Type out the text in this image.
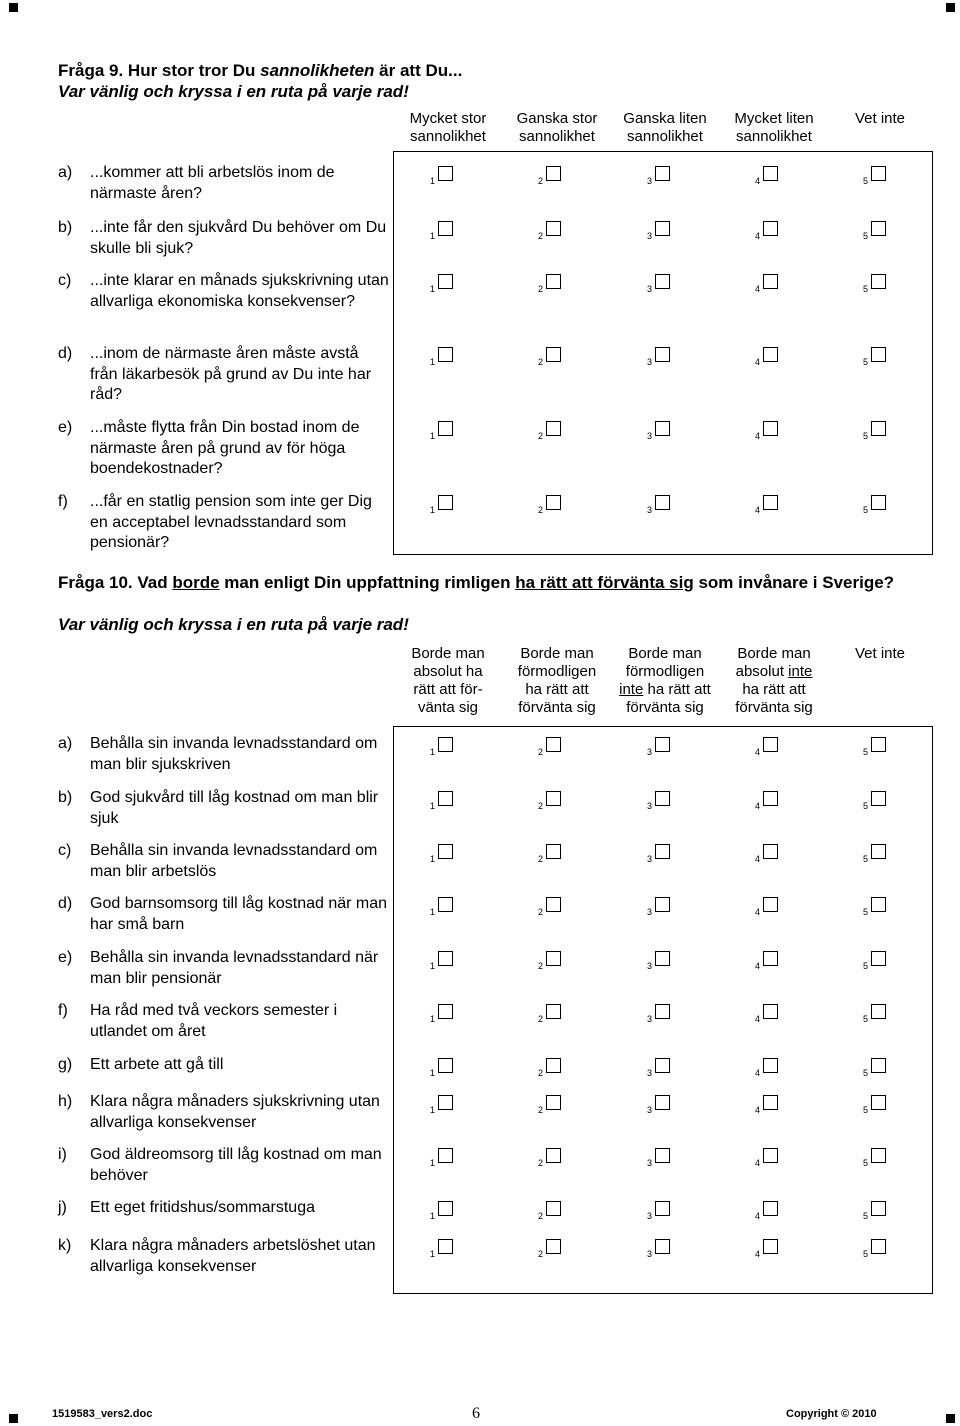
Fråga 9. Hur stor tror Du sannolikheten är att Du...
Var vänlig och kryssa i en ruta på varje rad!
Mycket stor
sannolikhet
Ganska stor
sannolikhet
Ganska liten
sannolikhet
Mycket liten
sannolikhet
Vet inte
a) ...kommer att bli arbetslös inom de närmaste åren?
1	2	3	4	5
b) ...inte får den sjukvård Du behöver om Du skulle bli sjuk?
1	2	3	4	5
c) ...inte klarar en månads sjukskrivning utan allvarliga ekonomiska konsekvenser?
1	2	3	4	5
d) ...inom de närmaste åren måste avstå från läkarbesök på grund av Du inte har råd?
1	2	3	4	5
e) ...måste flytta från Din bostad inom de närmaste åren på grund av för höga boendekostnader?
1	2	3	4	5
f) ...får en statlig pension som inte ger Dig en acceptabel levnadsstandard som pensionär?
1	2	3	4	5
Fråga 10. Vad borde man enligt Din uppfattning rimligen ha rätt att förvänta sig som invånare i Sverige?
Var vänlig och kryssa i en ruta på varje rad!
Borde man
absolut ha
rätt att för-
vänta sig
Borde man
förmodligen
ha rätt att
förvänta sig
Borde man
förmodligen
inte ha rätt att
förvänta sig
Borde man
absolut inte
ha rätt att
förvänta sig
Vet inte
a) Behålla sin invanda levnadsstandard om man blir sjukskriven
1	2	3	4	5
b) God sjukvård till låg kostnad om man blir sjuk
1	2	3	4	5
c) Behålla sin invanda levnadsstandard om man blir arbetslös
1	2	3	4	5
d) God barnsomsorg till låg kostnad när man har små barn
1	2	3	4	5
e) Behålla sin invanda levnadsstandard när man blir pensionär
1	2	3	4	5
f) Ha råd med två veckors semester i utlandet om året
1	2	3	4	5
g) Ett arbete att gå till	1	2	3	4	5
h) Klara några månaders sjukskrivning utan allvarliga konsekvenser
1	2	3	4	5
i) God äldreomsorg till låg kostnad om man behöver
1	2	3	4	5
j) Ett eget fritidshus/sommarstuga	1	2	3	4	5
k) Klara några månaders arbetslöshet utan allvarliga konsekvenser
1	2	3	4	5
1519583_vers2.doc	6	Copyright © 2010
